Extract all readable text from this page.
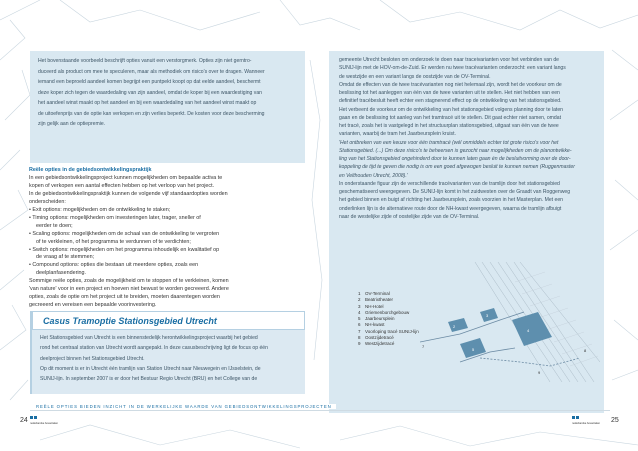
Het bovenstaande voorbeeld beschrijft opties vanuit een verstorgmerk. Opties zijn niet gerntro-

duceerd als product om mee te speculeren, maar als methodiek om risico's over te dragen. Wanneer

iemand een beproeld aandeel komen begrijpt een puntpekt koopt op dat eelde aandeel, beschermt

deze koper zich tegen de waardedaling van zijn aandeel, omdat de koper bij een waardestiging van

het aandeel winst maakt op het aandeel en bij een waardedaling van het aandeel winst maakt op

de uitoefenprijs van de optie kan verkopen en zijn verlies beperkt. De kosten voor deze bescherming

zijn gelijk aan de optiepremie.

Reële opties in de gebiedsontwikkelingspraktijk
In een gebiedsontwikkelingsproject kunnen mogelijkheden om bepaalde activa te
kopen of verkopen een aantal effecten hebben op het verloop van het project.
In de gebiedsontwikkelingspraktijk kunnen de volgende vijf standaardopties worden
onderscheiden:
• Exit options: mogelijkheden om de ontwikkeling te staken;
• Timing options: mogelijkheden om investeringen later, trager, sneller of
eerder te doen;
• Scaling options: mogelijkheden om de schaal van de ontwikkeling te vergroten
of te verkleinen, of het programma te verdunnen of te verdichten;
• Switch options: mogelijkheden om het programma inhoudelijk en kwalitatief op
de vraag af te stemmen;
• Compound options: opties die bestaan uit meerdere opties, zoals een
deelplanfasendering.
Sommige reële opties, zoals de mogelijkheid om te stoppen of te verkleinen, komen
'van nature' voor in een project en hoeven niet bewust te worden gecreeerd. Andere
opties, zoals de optie om het project uit te breiden, moeten daarentegen worden
gecreeerd en vereisen een bepaalde voorinvestering.
Casus Tramoptie Stationsgebied Utrecht

Het Stationsgebied van Utrecht is een binnenstedelijk herontwikkelingsproject waarbij het gebied

rond het centraal station van Utrecht wordt aangepakt. In deze casusbeschrijving ligt de focus op één

deelproject binnen het Stationsgebied Utrecht.

Op dit moment is er in Utrecht één tramlijn van Station Utrecht naar Nieuwegein en IJsselstein, de

SUNIJ-lijn. In september 2007 is er door het Bestuur Regio Utrecht (BRU) en het College van de

gemeente Utrecht besloten om onderzoek te doen naar traceivarianten voor het verbinden van de

SUNIJ-lijn met de HOV-om-de-Zuid. Er werden nu twee tracévarianten onderzocht: een variant langs

de westzijde en een variant langs de oostzijde van de OV-Terminal.

Omdat de effecten van de twee tracévarianten nog niet helemaal zijn, wordt het de voorkeur om de

beslissing tot het aanleggen van één van de twee varianten uit te stellen. Het niet hebben van een

definitief tracébesluit heeft echter een stagnerend effect op de ontwikkeling van het stationsgebied.

Het verbeent de voorkeur om de ontwikkeling van het stationsgebied volgens planning door te laten

gaan en de beslissing tot aanleg van het tramtracé uit te stellen. Dit gaat echter niet samen, omdat

het tracé, zoals het is vastgelegd in het structuurplan stationsgebied, uitgaat van één van de twee

varianten, waarbij de tram het Jaarbeursplein kruist.

'Het ontbreken van een keuze voor één tramtracé (wél onmiddels echter tot grote risico's voor het

Stationsgebied. (...) Om deze risico's te beheersen is gezocht naar mogelijkheden om de planontwikke-

ling van het Stationsgebied ongehinderd door te kunnen laten gaan én de besluitvorming over de door-

koppeling de tijd te geven die nodig is om een goed afgewogen besluit te kunnen nemen (Ruggenmaster

en Velthouden Utrecht, 2008).'

In onderstaande figuur zijn de verschillende tracévarianten van de tramlijn door het stationsgebied

geschematiseerd weergegeven. De SUNIJ-lijn komt in het zuidwesten over de Graadt van Roggenweg

het gebied binnen en buigt af richting het Jaarbeursplein, zoals voorzien in het Masterplan. Met een

onderlinken lijn is de alternatieve route door de NH-kwast weergegeven, waarna de tramlijn afbuigt

naar de westelijke zijde of oostelijke zijde van de OV-Terminal.

1 OV-Terminal
2 Beatrixtheater
3 NH-Hotel
4 Griemenborchgebouw
5 Jaarbeursplein
6 NH-kwast
7 Voorloping tracé SUNIJ-lijn
8 Oostzijdetracé
9 Westzijdetracé
2
3
5
4
7
9
8
REËLE OPTIES BIEDEN INZICHT IN DE WERKELIJKE WAARDE VAN GEBIEDSONTWIKKELINGSPROJECTEN
24	25
nederlandse bouwzaken	nederlandse bouwzaken
